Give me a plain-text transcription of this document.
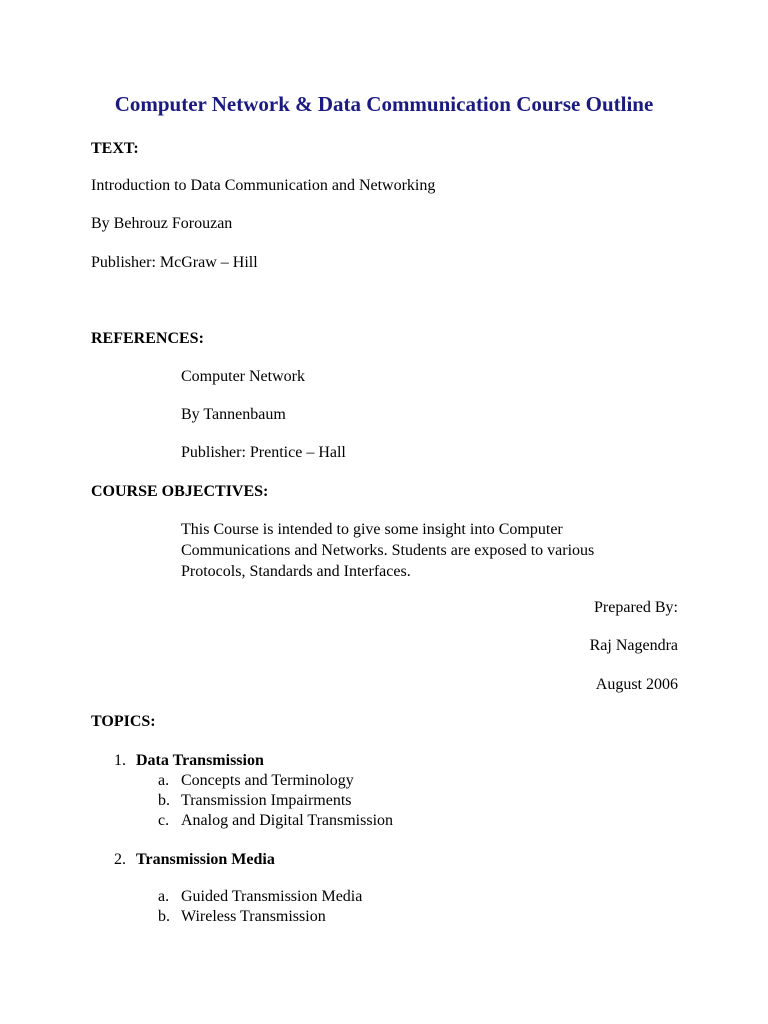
Computer Network & Data Communication Course Outline
TEXT:
Introduction to Data Communication and Networking
By Behrouz Forouzan
Publisher: McGraw – Hill
REFERENCES:
Computer Network
By Tannenbaum
Publisher: Prentice – Hall
COURSE OBJECTIVES:
This Course is intended to give some insight into Computer Communications and Networks. Students are exposed to various Protocols, Standards and Interfaces.
Prepared By:
Raj Nagendra
August 2006
TOPICS:
1. Data Transmission
a. Concepts and Terminology
b. Transmission Impairments
c. Analog and Digital Transmission
2. Transmission Media
a. Guided Transmission Media
b. Wireless Transmission
